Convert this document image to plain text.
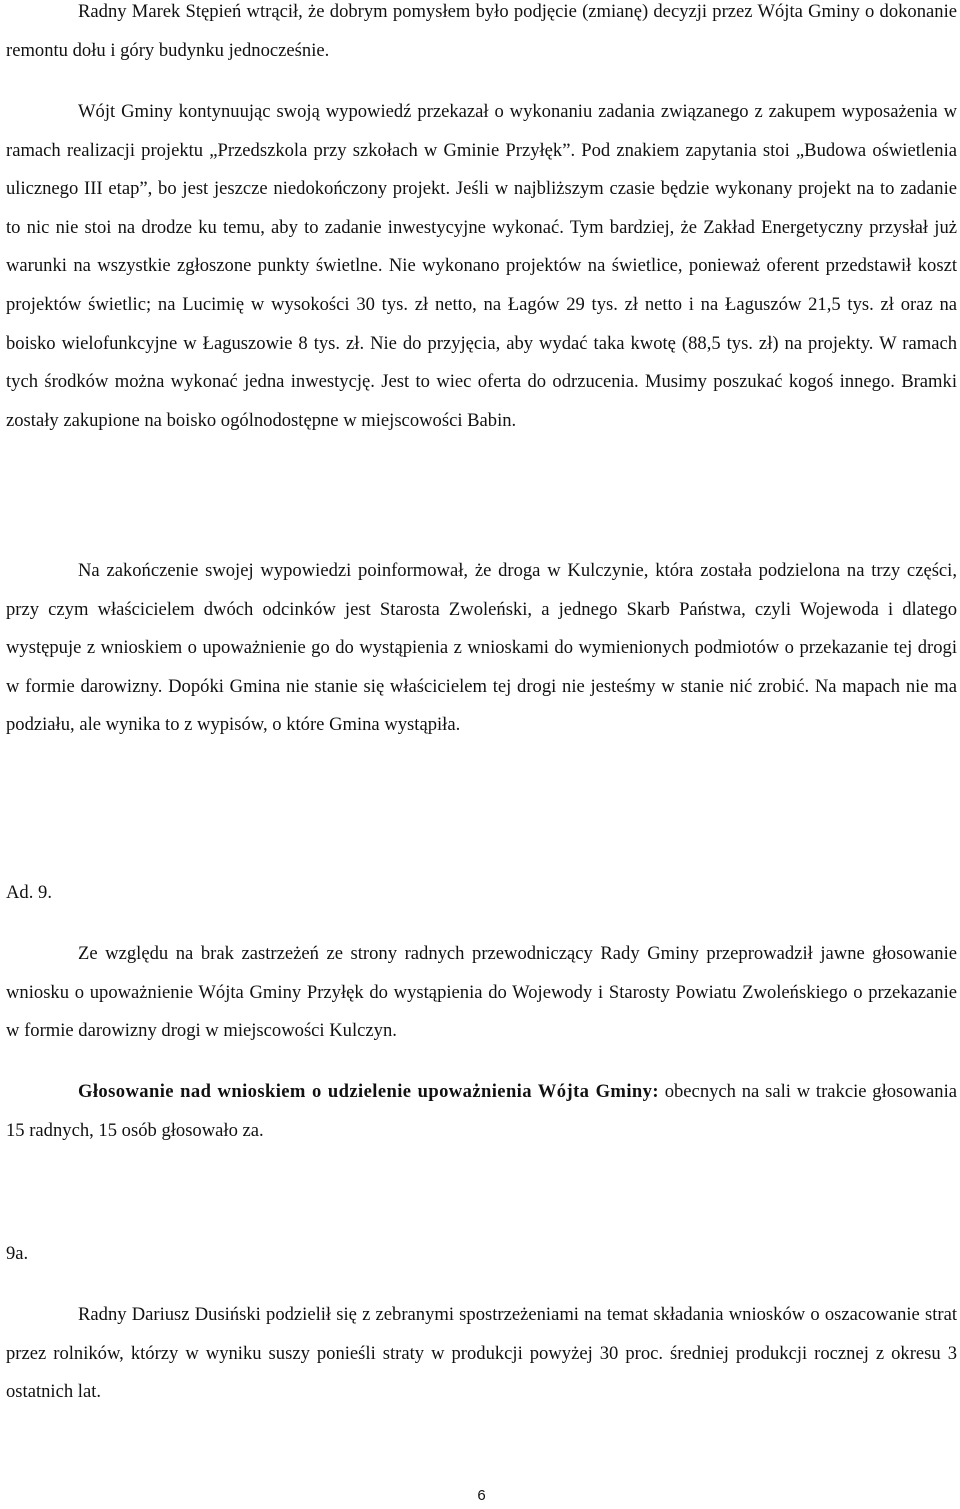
Radny Marek Stępień wtrącił, że dobrym pomysłem było podjęcie (zmianę) decyzji przez Wójta Gminy o dokonanie remontu dołu i góry budynku jednocześnie.

Wójt Gminy kontynuując swoją wypowiedź przekazał o wykonaniu zadania związanego z zakupem wyposażenia w ramach realizacji projektu „Przedszkola przy szkołach w Gminie Przyłęk”. Pod znakiem zapytania stoi „Budowa oświetlenia ulicznego III etap”, bo jest jeszcze niedokończony projekt. Jeśli w najbliższym czasie będzie wykonany projekt na to zadanie to nic nie stoi na drodze ku temu, aby to zadanie inwestycyjne wykonać. Tym bardziej, że Zakład Energetyczny przysłał już warunki na wszystkie zgłoszone punkty świetlne. Nie wykonano projektów na świetlice, ponieważ oferent przedstawił koszt projektów świetlic; na Lucimię w wysokości 30 tys. zł netto, na Łagów 29 tys. zł netto i na Łaguszów 21,5 tys. zł oraz na boisko wielofunkcyjne w Łaguszowie 8 tys. zł. Nie do przyjęcia, aby wydać taka kwotę (88,5 tys. zł) na projekty. W ramach tych środków można wykonać jedna inwestycję. Jest to wiec oferta do odrzucenia. Musimy poszukać kogoś innego. Bramki zostały zakupione na boisko ogólnodostępne w miejscowości Babin.

Na zakończenie swojej wypowiedzi poinformował, że droga w Kulczynie, która została podzielona na trzy części, przy czym właścicielem dwóch odcinków jest Starosta Zwoleński, a jednego Skarb Państwa, czyli Wojewoda i dlatego występuje z wnioskiem o upoważnienie go do wystąpienia z wnioskami do wymienionych podmiotów o przekazanie tej drogi w formie darowizny. Dopóki Gmina nie stanie się właścicielem tej drogi nie jesteśmy w stanie nić zrobić. Na mapach nie ma podziału, ale wynika to z wypisów, o które Gmina wystąpiła.

Ad. 9.

Ze względu na brak zastrzeżeń ze strony radnych przewodniczący Rady Gminy przeprowadził jawne głosowanie wniosku o upoważnienie Wójta Gminy Przyłęk do wystąpienia do Wojewody i Starosty Powiatu Zwoleńskiego o przekazanie w formie darowizny drogi w miejscowości Kulczyn.

Głosowanie nad wnioskiem o udzielenie upoważnienia Wójta Gminy: obecnych na sali w trakcie głosowania 15 radnych, 15 osób głosowało za.

9a.

Radny Dariusz Dusiński podzielił się z zebranymi spostrzeżeniami na temat składania wniosków o oszacowanie strat przez rolników, którzy w wyniku suszy ponieśli straty w produkcji powyżej 30 proc. średniej produkcji rocznej z okresu 3 ostatnich lat.

6
